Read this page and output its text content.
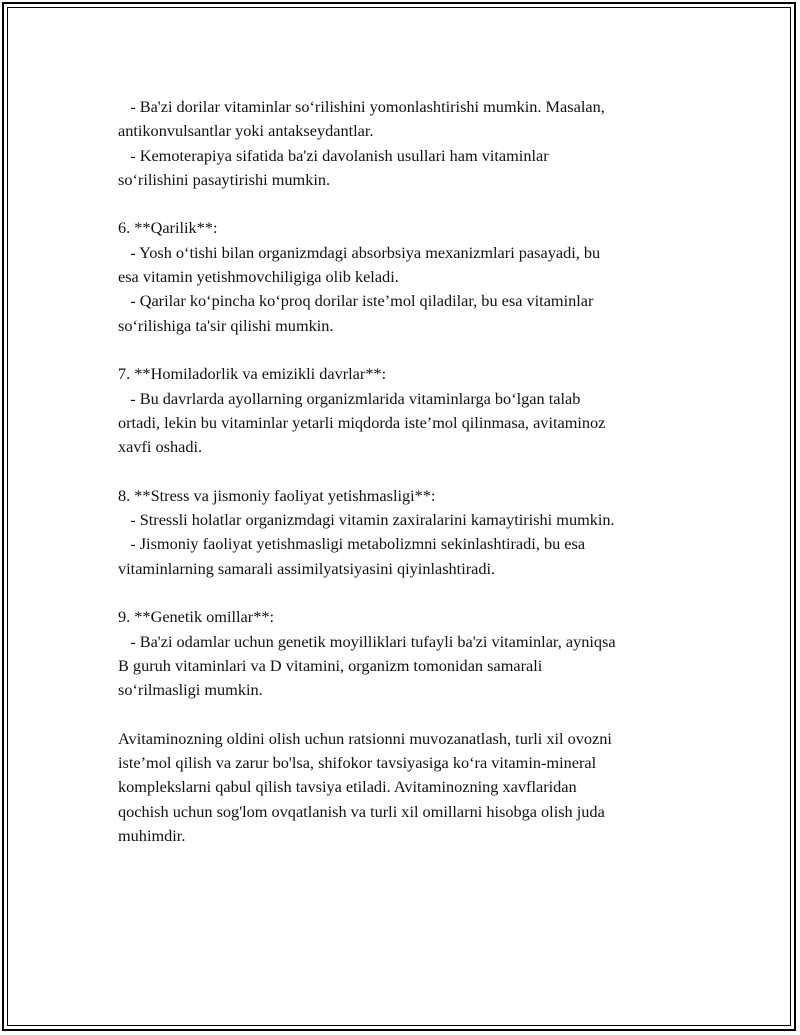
- Ba'zi dorilar vitaminlar so‘rilishini yomonlashtirishi mumkin. Masalan,
antikonvulsantlar yoki antakseydantlar.
- Kemoterapiya sifatida ba'zi davolanish usullari ham vitaminlar
so‘rilishini pasaytirishi mumkin.
6. **Qarilik**:
- Yosh o‘tishi bilan organizmdagi absorbsiya mexanizmlari pasayadi, bu
esa vitamin yetishmovchiligiga olib keladi.
- Qarilar ko‘pincha ko‘proq dorilar iste’mol qiladilar, bu esa vitaminlar
so‘rilishiga ta'sir qilishi mumkin.
7. **Homiladorlik va emizikli davrlar**:
- Bu davrlarda ayollarning organizmlarida vitaminlarga bo‘lgan talab
ortadi, lekin bu vitaminlar yetarli miqdorda iste’mol qilinmasa, avitaminoz
xavfi oshadi.
8. **Stress va jismoniy faoliyat yetishmasligi**:
- Stressli holatlar organizmdagi vitamin zaxiralarini kamaytirishi mumkin.
- Jismoniy faoliyat yetishmasligi metabolizmni sekinlashtiradi, bu esa
vitaminlarning samarali assimilyatsiyasini qiyinlashtiradi.
9. **Genetik omillar**:
- Ba'zi odamlar uchun genetik moyilliklari tufayli ba'zi vitaminlar, ayniqsa
B guruh vitaminlari va D vitamini, organizm tomonidan samarali
so‘rilmasligi mumkin.
Avitaminozning oldini olish uchun ratsionni muvozanatlash, turli xil ovozni
iste’mol qilish va zarur bo'lsa, shifokor tavsiyasiga ko‘ra vitamin-mineral
komplekslarni qabul qilish tavsiya etiladi. Avitaminozning xavflaridan
qochish uchun sog'lom ovqatlanish va turli xil omillarni hisobga olish juda
muhimdir.
